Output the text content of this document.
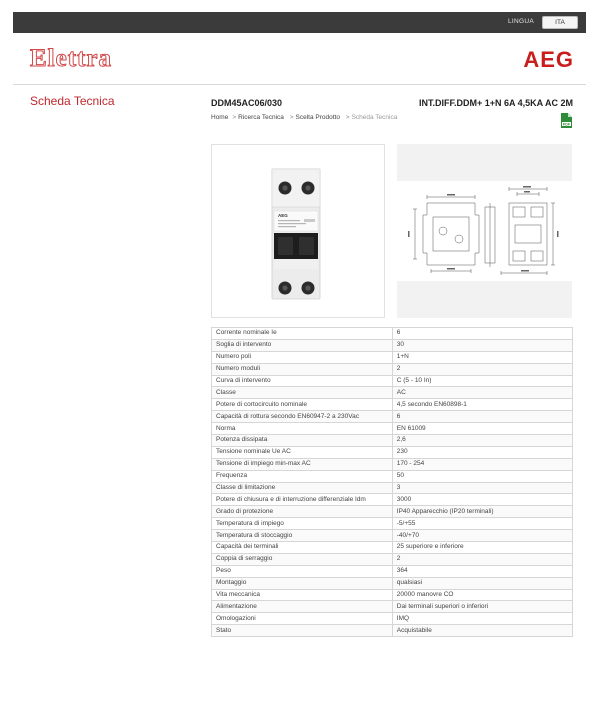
LINGUA	ITA
Elettra	AEG
Scheda Tecnica	DDM45AC06/030	INT.DIFF.DDM+ 1+N 6A 4,5KA AC 2M
Home > Ricerca Tecnica > Scelta Prodotto > Scheda Tecnica
PDF
AEG
Corrente nominale Ie	6
Soglia di intervento	30
Numero poli	1+N
Numero moduli	2
Curva di intervento	C (5 - 10 In)
Classe	AC
Potere di cortocircuito nominale	4,5 secondo EN60898-1
Capacità di rottura secondo EN60947-2 a 230Vac	6
Norma	EN 61009
Potenza dissipata	2,6
Tensione nominale Ue AC	230
Tensione di impiego min-max AC	170 - 254
Frequenza	50
Classe di limitazione	3
Potere di chiusura e di interruzione differenziale Idm	3000
Grado di protezione	IP40 Apparecchio (IP20 terminali)
Temperatura di impiego	-5/+55
Temperatura di stoccaggio	-40/+70
Capacità dei terminali	25 superiore e inferiore
Coppia di serraggio	2
Peso	364
Montaggio	qualsiasi
Vita meccanica	20000 manovre CO
Alimentazione	Dai terminali superiori o inferiori
Omologazioni	IMQ
Stato	Acquistabile
